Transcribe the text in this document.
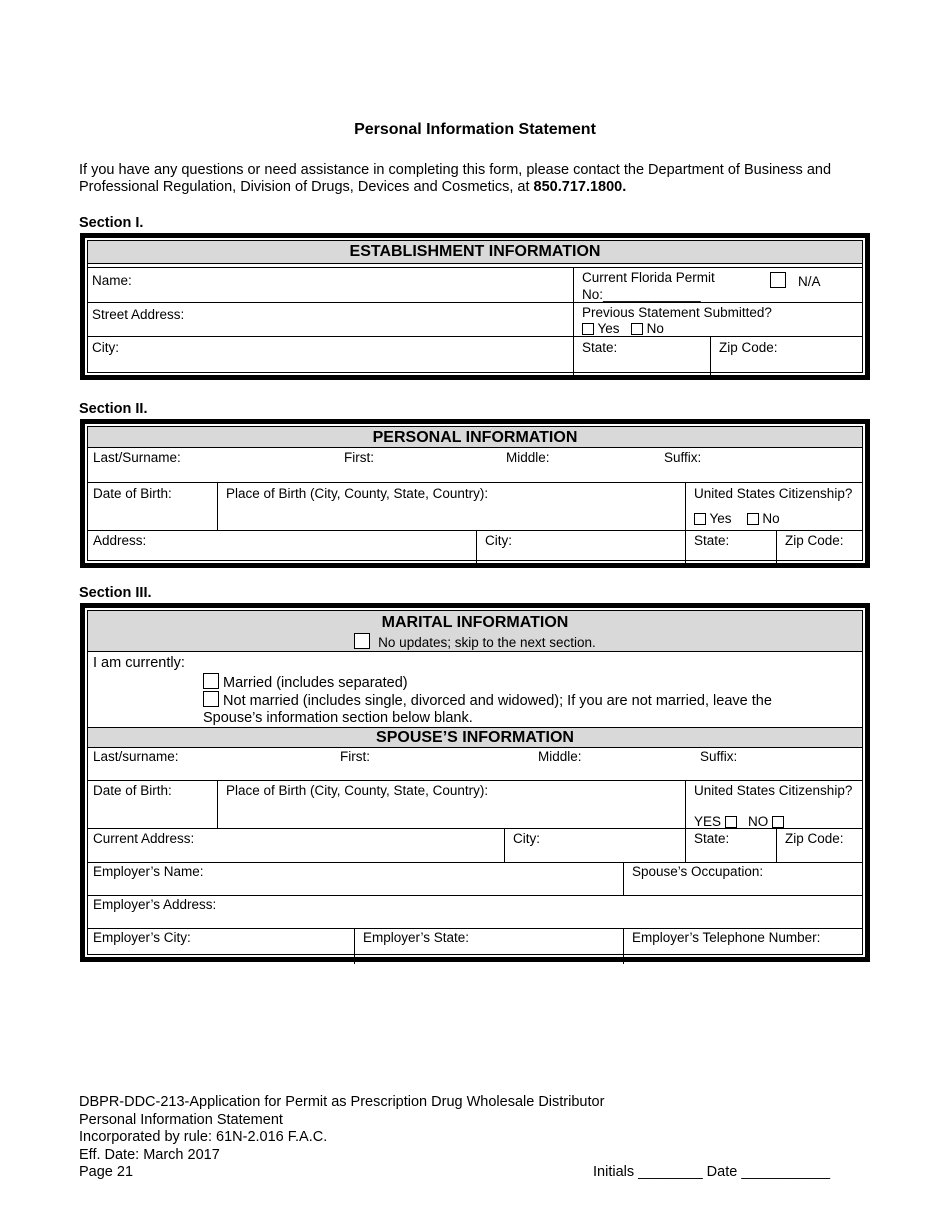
Personal Information Statement
If you have any questions or need assistance in completing this form, please contact the Department of Business and Professional Regulation, Division of Drugs, Devices and Cosmetics, at 850.717.1800.
Section I.
ESTABLISHMENT INFORMATION
Name:	Current Florida Permit
No:_____________
N/A
Street Address:	Previous Statement Submitted?
Yes No
City:	State:	Zip Code:
Section II.
PERSONAL INFORMATION
Last/Surname:	First:	Middle:	Suffix:
Date of Birth:	Place of Birth (City, County, State, Country):	United States Citizenship?
Yes No
Address:	City:	State:	Zip Code:
Section III.
MARITAL INFORMATION
No updates; skip to the next section.
I am currently:
Married (includes separated)
Not married (includes single, divorced and widowed); If you are not married, leave the
Spouse’s information section below blank.
SPOUSE’S INFORMATION
Last/surname:	First:	Middle:	Suffix:
Date of Birth:	Place of Birth (City, County, State, Country):	United States Citizenship?
YES NO
Current Address:	City:	State:	Zip Code:
Employer’s Name:	Spouse’s Occupation:
Employer’s Address:
Employer’s City:	Employer’s State:	Employer’s Telephone Number:
DBPR-DDC-213-Application for Permit as Prescription Drug Wholesale Distributor
Personal Information Statement
Incorporated by rule: 61N-2.016 F.A.C.
Eff. Date: March 2017
Page 21	Initials ________ Date ___________
